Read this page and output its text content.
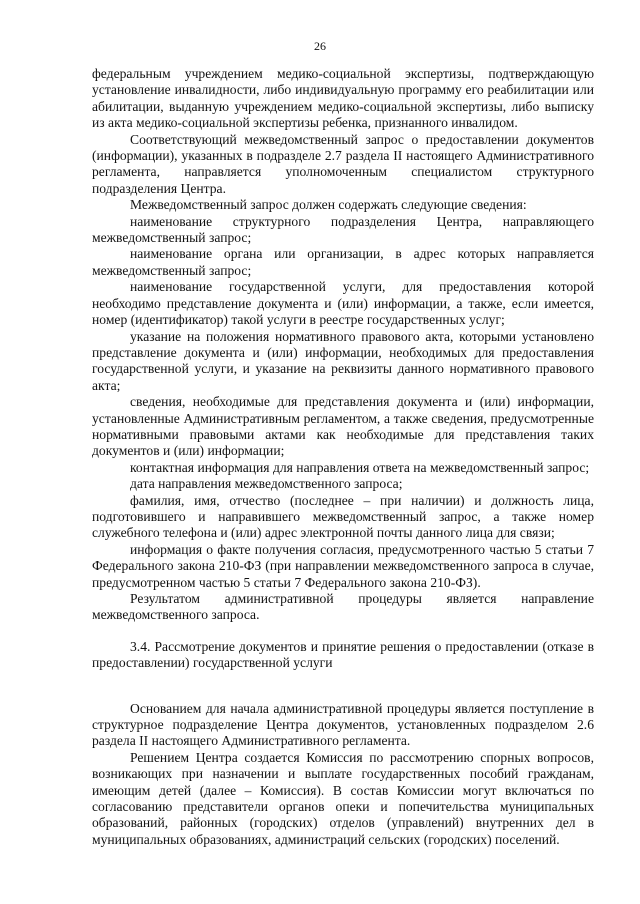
26

федеральным учреждением медико-социальной экспертизы, подтверждающую установление инвалидности, либо индивидуальную программу его реабилитации или абилитации, выданную учреждением медико-социальной экспертизы, либо выписку из акта медико-социальной экспертизы ребенка, признанного инвалидом.

Соответствующий межведомственный запрос о предоставлении документов (информации), указанных в подразделе 2.7 раздела II настоящего Административного регламента, направляется уполномоченным специалистом структурного подразделения Центра.

Межведомственный запрос должен содержать следующие сведения:

наименование структурного подразделения Центра, направляющего межведомственный запрос;

наименование органа или организации, в адрес которых направляется межведомственный запрос;

наименование государственной услуги, для предоставления которой необходимо представление документа и (или) информации, а также, если имеется, номер (идентификатор) такой услуги в реестре государственных услуг;

указание на положения нормативного правового акта, которыми установлено представление документа и (или) информации, необходимых для предоставления государственной услуги, и указание на реквизиты данного нормативного правового акта;

сведения, необходимые для представления документа и (или) информации, установленные Административным регламентом, а также сведения, предусмотренные нормативными правовыми актами как необходимые для представления таких документов и (или) информации;

контактная информация для направления ответа на межведомственный запрос;

дата направления межведомственного запроса;

фамилия, имя, отчество (последнее – при наличии) и должность лица, подготовившего и направившего межведомственный запрос, а также номер служебного телефона и (или) адрес электронной почты данного лица для связи;

информация о факте получения согласия, предусмотренного частью 5 статьи 7 Федерального закона 210-ФЗ (при направлении межведомственного запроса в случае, предусмотренном частью 5 статьи 7 Федерального закона 210-ФЗ).

Результатом административной процедуры является направление межведомственного запроса.

3.4. Рассмотрение документов и принятие решения о предоставлении (отказе в предоставлении) государственной услуги

Основанием для начала административной процедуры является поступление в структурное подразделение Центра документов, установленных подразделом 2.6 раздела II настоящего Административного регламента.

Решением Центра создается Комиссия по рассмотрению спорных вопросов, возникающих при назначении и выплате государственных пособий гражданам, имеющим детей (далее – Комиссия). В состав Комиссии могут включаться по согласованию представители органов опеки и попечительства муниципальных образований, районных (городских) отделов (управлений) внутренних дел в муниципальных образованиях, администраций сельских (городских) поселений.
